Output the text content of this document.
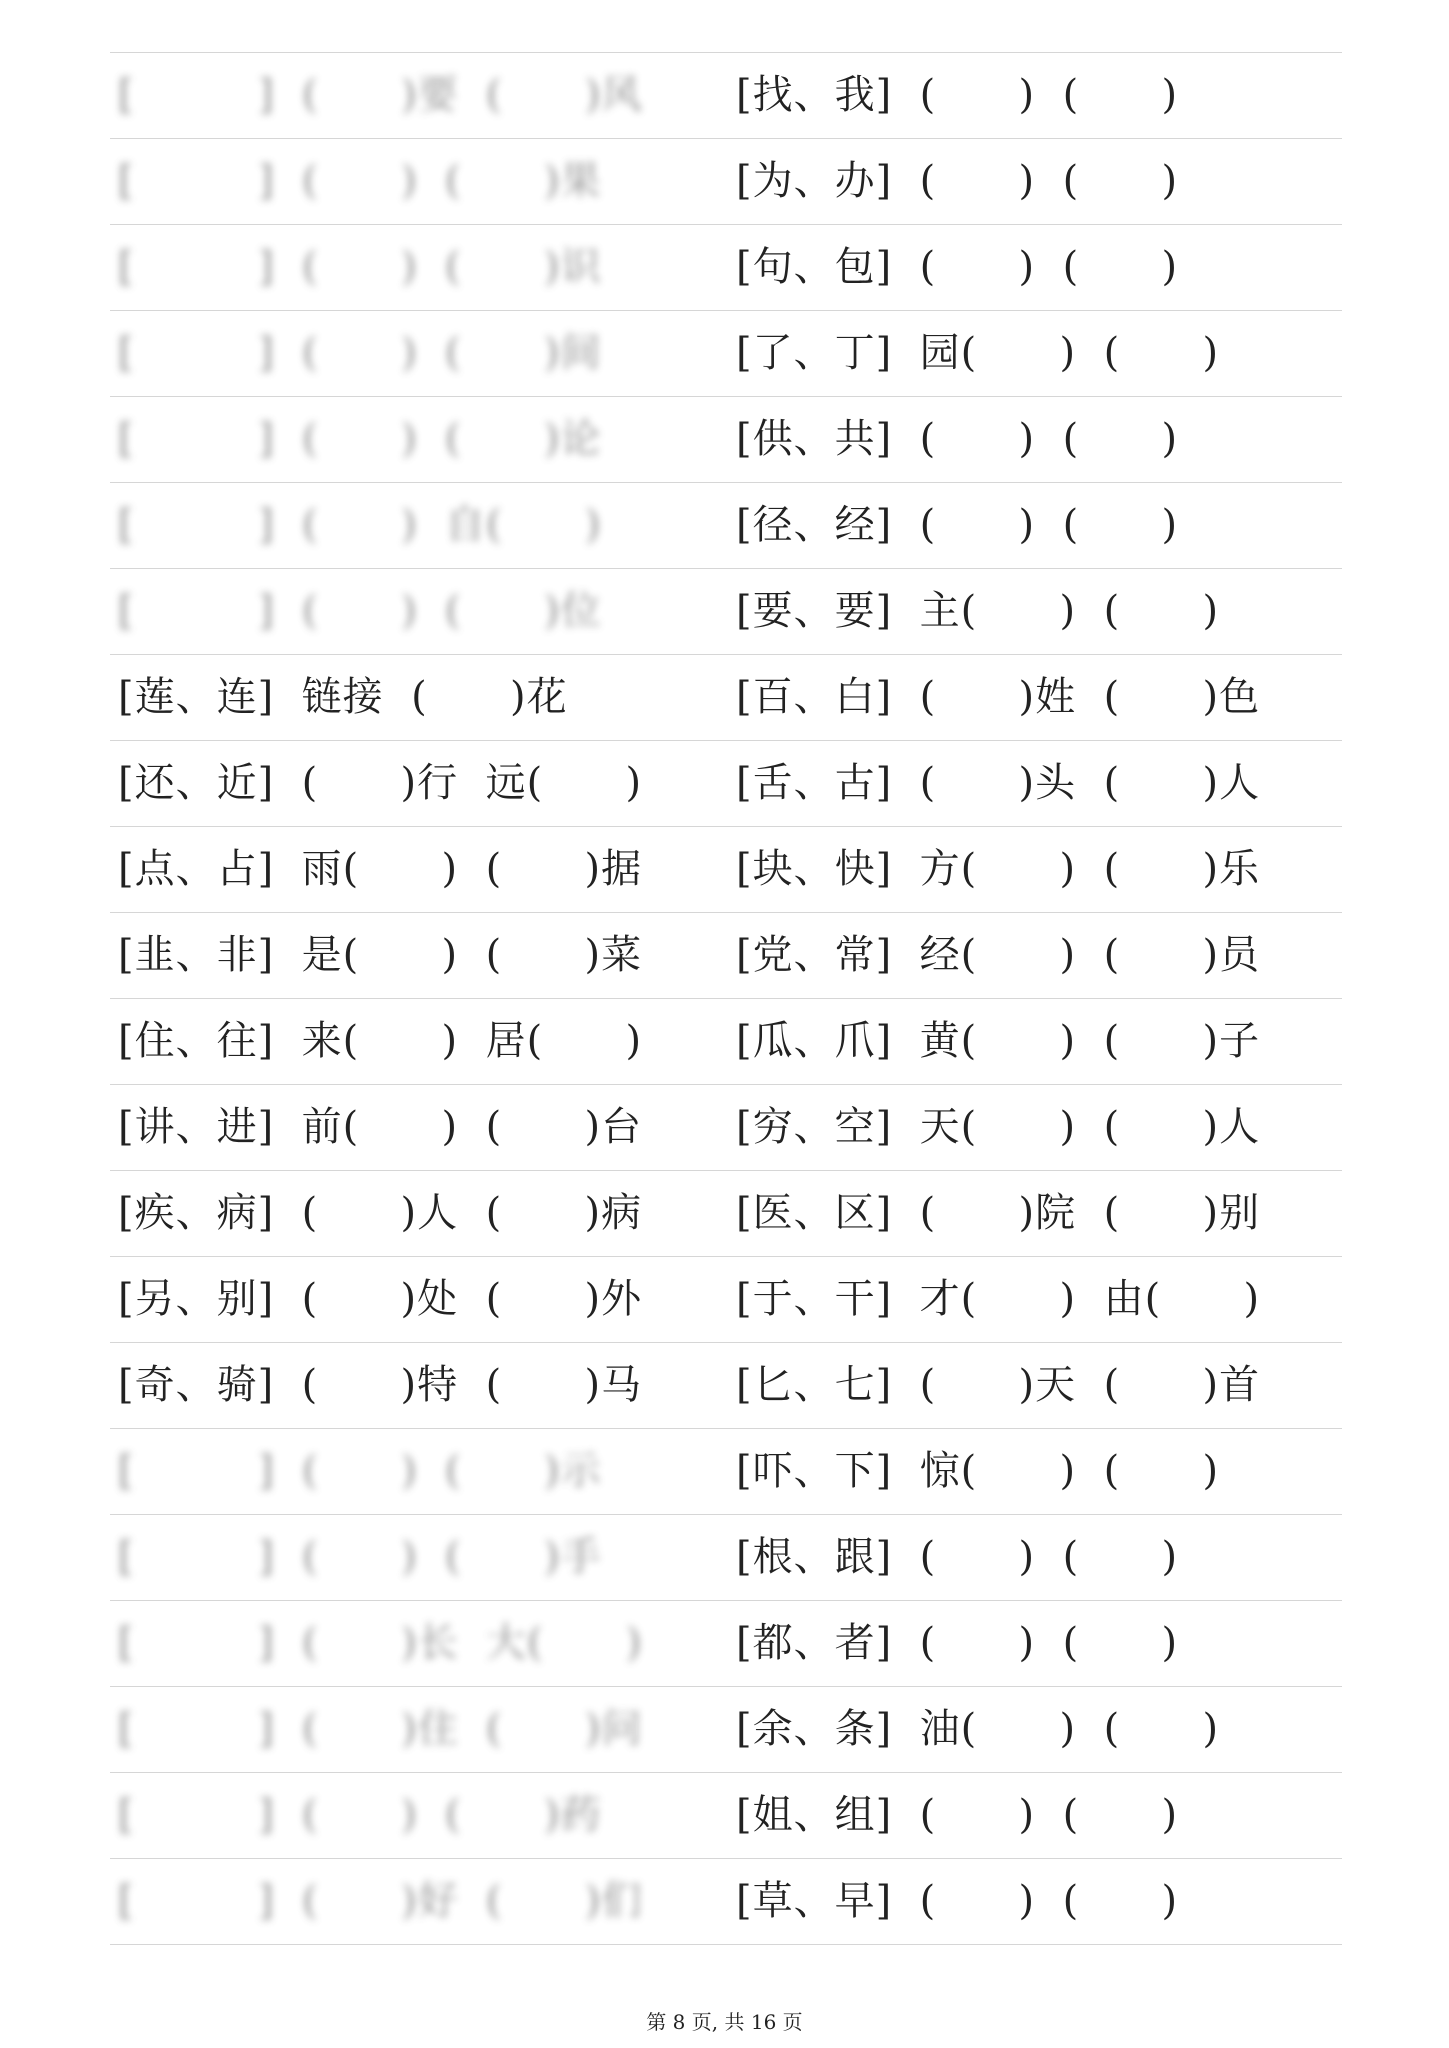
[         ]  (      )要  (      )风 [找、我]  (      )  (      )
[         ]  (      )  (      )果	[为、办]  (      )  (      )
[         ]  (      )  (      )识	[句、包]  (      )  (      )
[         ]  (      )  (      )间	[了、丁]  园(      )  (      )
[         ]  (      )  (      )论	[供、共]  (      )  (      )
[         ]  (      )  自(      )	[径、经]  (      )  (      )
[         ]  (      )  (      )位	[要、要]  主(      )  (      )
[莲、连]  链接  (      )花	[百、白]  (      )姓  (      )色
[还、近]  (      )行  远(      ) [舌、古]  (      )头  (      )人
[点、占]  雨(      )  (      )据 [块、快]  方(      )  (      )乐
[韭、非]  是(      )  (      )菜 [党、常]  经(      )  (      )员
[住、往]  来(      )  居(      ) [瓜、爪]  黄(      )  (      )子
[讲、进]  前(      )  (      )台 [穷、空]  天(      )  (      )人
[疾、病]  (      )人  (      )病 [医、区]  (      )院  (      )别
[另、别]  (      )处  (      )外 [于、干]  才(      )  由(      )
[奇、骑]  (      )特  (      )马 [匕、七]  (      )天  (      )首
[         ]  (      )  (      )示	[吓、下]  惊(      )  (      )
[         ]  (      )  (      )手	[根、跟]  (      )  (      )
[         ]  (      )长  大(      ) [都、者]  (      )  (      )
[         ]  (      )住  (      )问 [余、条]  油(      )  (      )
[         ]  (      )  (      )药	[姐、组]  (      )  (      )
[         ]  (      )好  (      )们 [草、早]  (      )  (      )
第 8 页, 共 16 页
